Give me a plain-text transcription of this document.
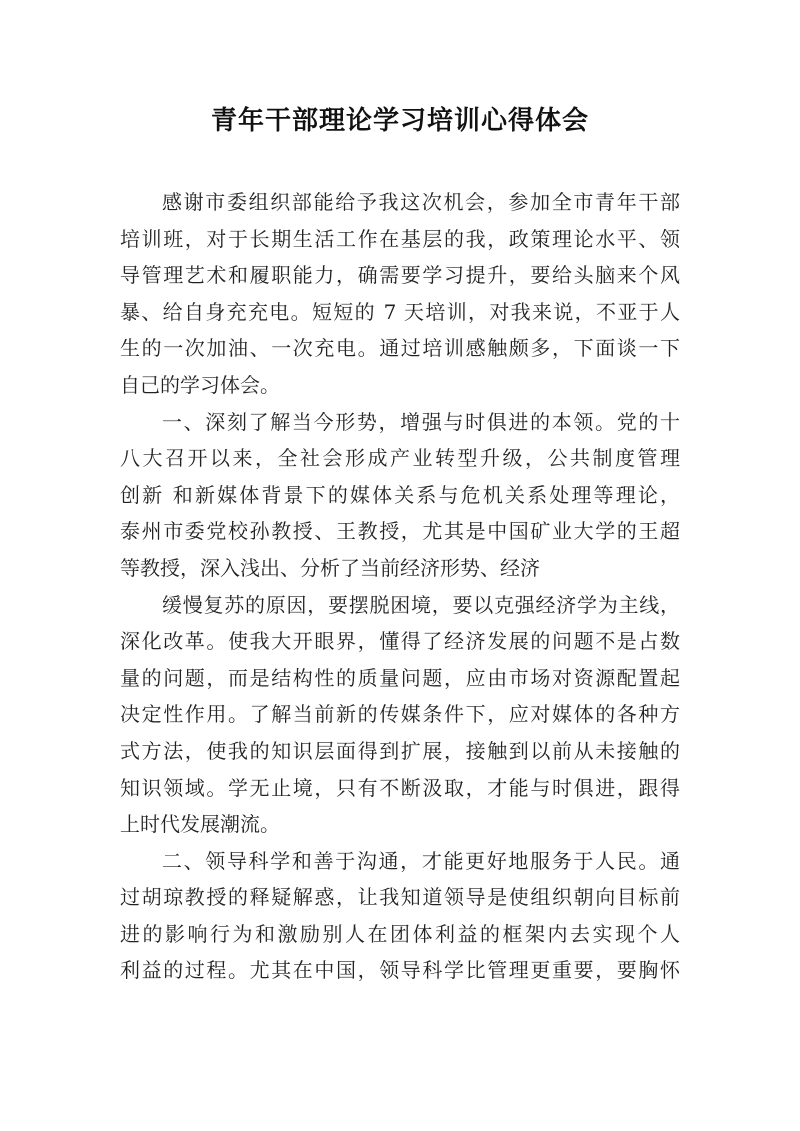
青年干部理论学习培训心得体会
感谢市委组织部能给予我这次机会，参加全市青年干部
培训班，对于长期生活工作在基层的我，政策理论水平、领
导管理艺术和履职能力，确需要学习提升，要给头脑来个风
暴、给自身充充电。短短的 7 天培训，对我来说，不亚于人
生的一次加油、一次充电。通过培训感触颇多，下面谈一下
自己的学习体会。
一、深刻了解当今形势，增强与时俱进的本领。党的十
八大召开以来，全社会形成产业转型升级，公共制度管理
创新 和新媒体背景下的媒体关系与危机关系处理等理论，
泰州市委党校孙教授、王教授，尤其是中国矿业大学的王超
等教授，深入浅出、分析了当前经济形势、经济
缓慢复苏的原因，要摆脱困境，要以克强经济学为主线，
深化改革。使我大开眼界，懂得了经济发展的问题不是占数
量的问题，而是结构性的质量问题，应由市场对资源配置起
决定性作用。了解当前新的传媒条件下，应对媒体的各种方
式方法，使我的知识层面得到扩展，接触到以前从未接触的
知识领域。学无止境，只有不断汲取，才能与时俱进，跟得
上时代发展潮流。
二、领导科学和善于沟通，才能更好地服务于人民。通
过胡琼教授的释疑解惑，让我知道领导是使组织朝向目标前
进的影响行为和激励别人在团体利益的框架内去实现个人
利益的过程。尤其在中国，领导科学比管理更重要，要胸怀
